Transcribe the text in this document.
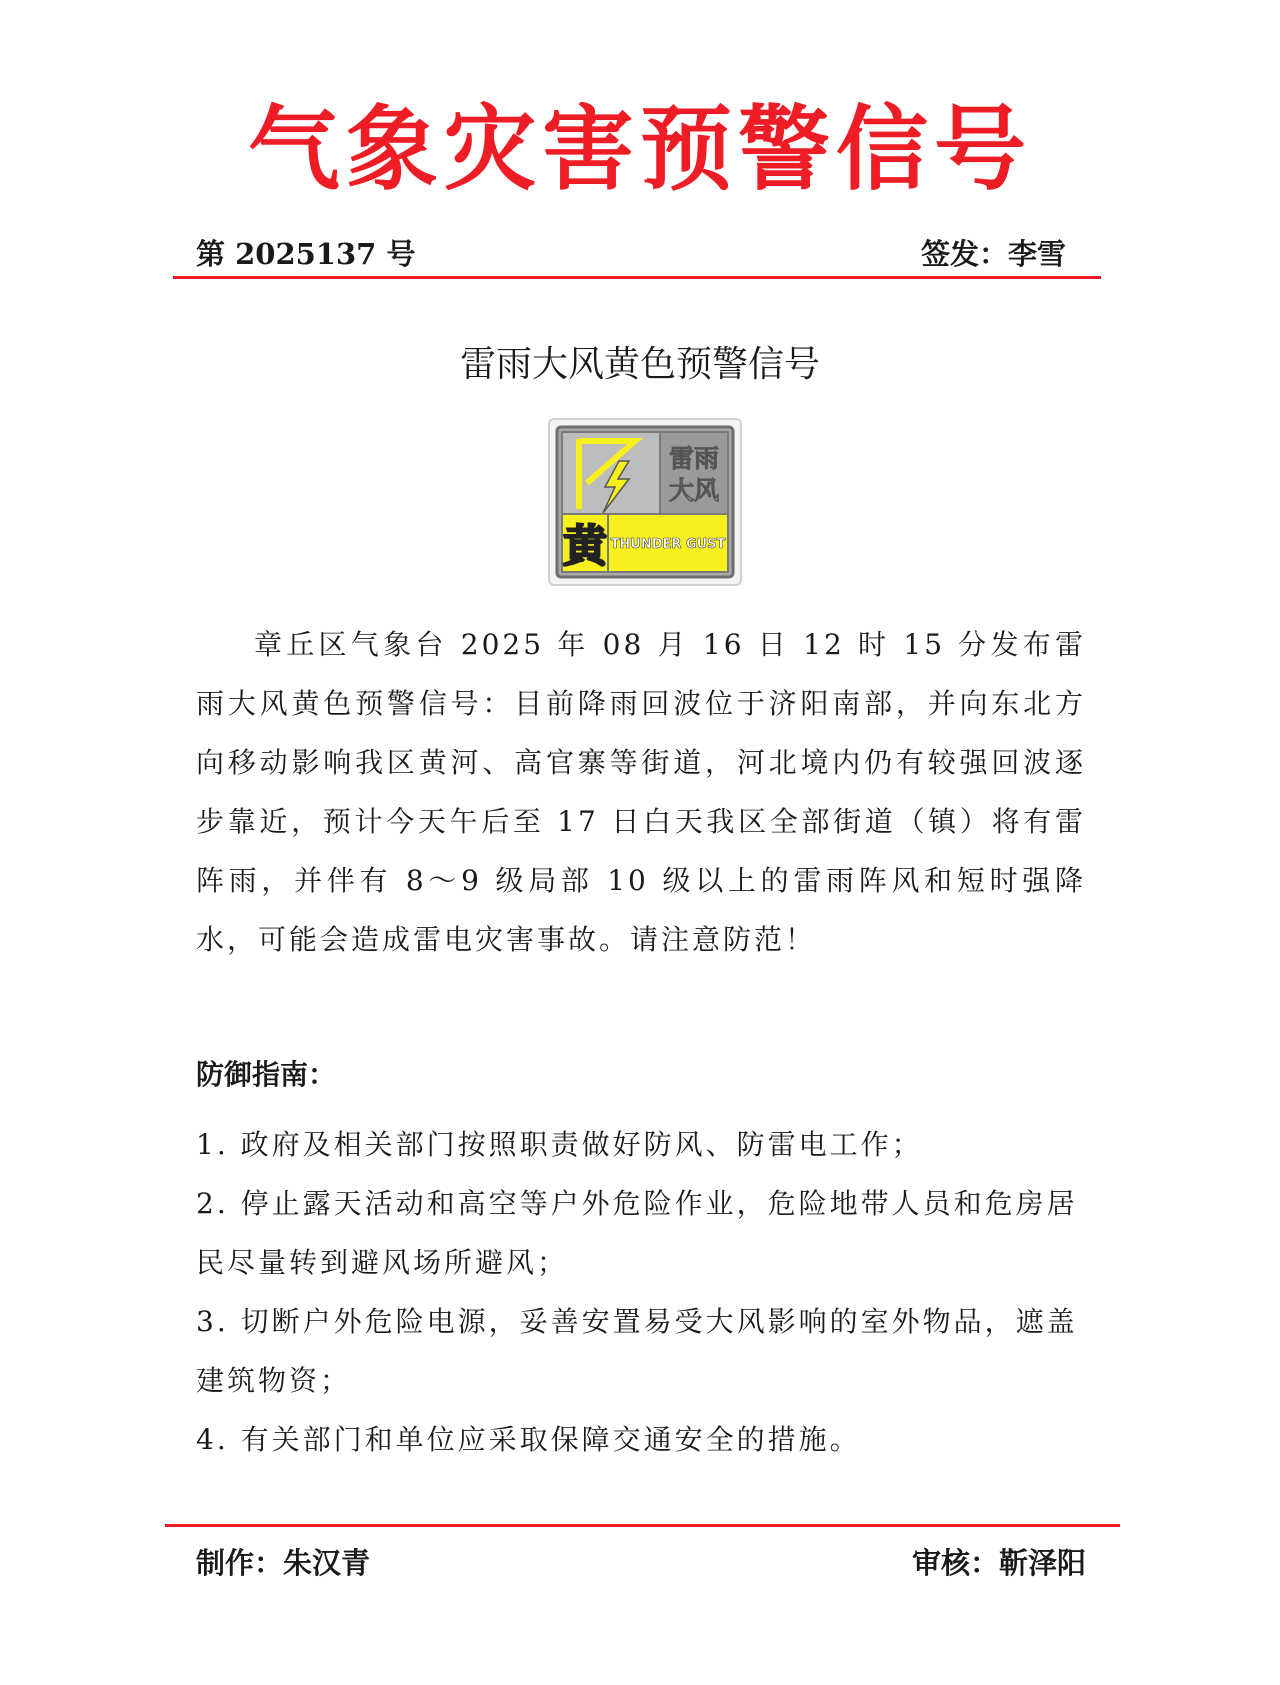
气象灾害预警信号
第 2025137 号	签发：李雪
雷雨大风黄色预警信号
雷雨
大风
黄 THUNDER GUST

章丘区气象台 2025 年 08 月 16 日 12 时 15 分发布雷雨大风黄色预警信号：目前降雨回波位于济阳南部，并向东北方向移动影响我区黄河、高官寨等街道，河北境内仍有较强回波逐步靠近，预计今天午后至 17 日白天我区全部街道（镇）将有雷阵雨，并伴有 8～9 级局部 10 级以上的雷雨阵风和短时强降水，可能会造成雷电灾害事故。请注意防范！

防御指南：
1. 政府及相关部门按照职责做好防风、防雷电工作；
2. 停止露天活动和高空等户外危险作业，危险地带人员和危房居民尽量转到避风场所避风；
3. 切断户外危险电源，妥善安置易受大风影响的室外物品，遮盖建筑物资；
4. 有关部门和单位应采取保障交通安全的措施。
制作：朱汉青	审核：靳泽阳
